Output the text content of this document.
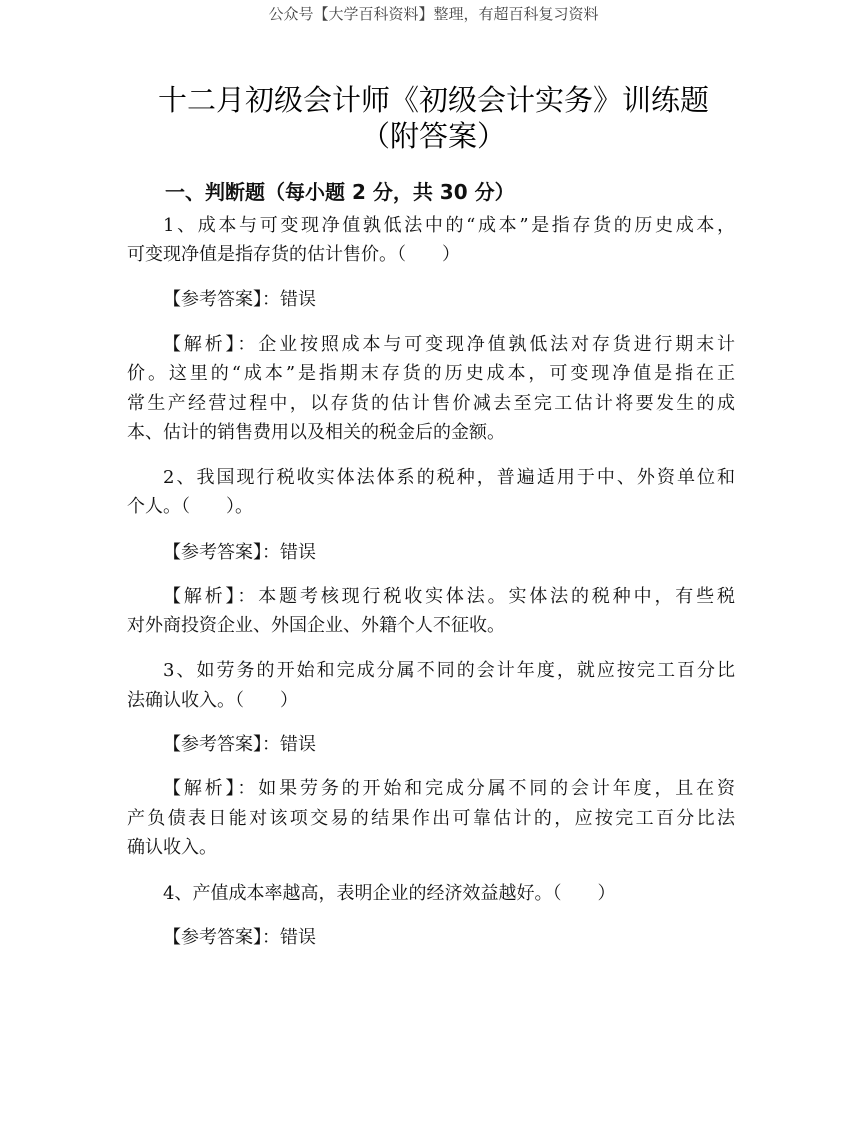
公众号【大学百科资料】整理，有超百科复习资料
十二月初级会计师《初级会计实务》训练题
（附答案）
一、判断题（每小题 2 分，共 30 分）
1、成本与可变现净值孰低法中的“成本”是指存货的历史成本，
可变现净值是指存货的估计售价。（　　）
【参考答案】：错误
【解析】：企业按照成本与可变现净值孰低法对存货进行期末计
价。这里的“成本”是指期末存货的历史成本，可变现净值是指在正
常生产经营过程中，以存货的估计售价减去至完工估计将要发生的成
本、估计的销售费用以及相关的税金后的金额。
2、我国现行税收实体法体系的税种，普遍适用于中、外资单位和
个人。（　　）。
【参考答案】：错误
【解析】：本题考核现行税收实体法。实体法的税种中，有些税
对外商投资企业、外国企业、外籍个人不征收。
3、如劳务的开始和完成分属不同的会计年度，就应按完工百分比
法确认收入。（　　）
【参考答案】：错误
【解析】：如果劳务的开始和完成分属不同的会计年度，且在资
产负债表日能对该项交易的结果作出可靠估计的，应按完工百分比法
确认收入。
4、产值成本率越高，表明企业的经济效益越好。（　　）
【参考答案】：错误
